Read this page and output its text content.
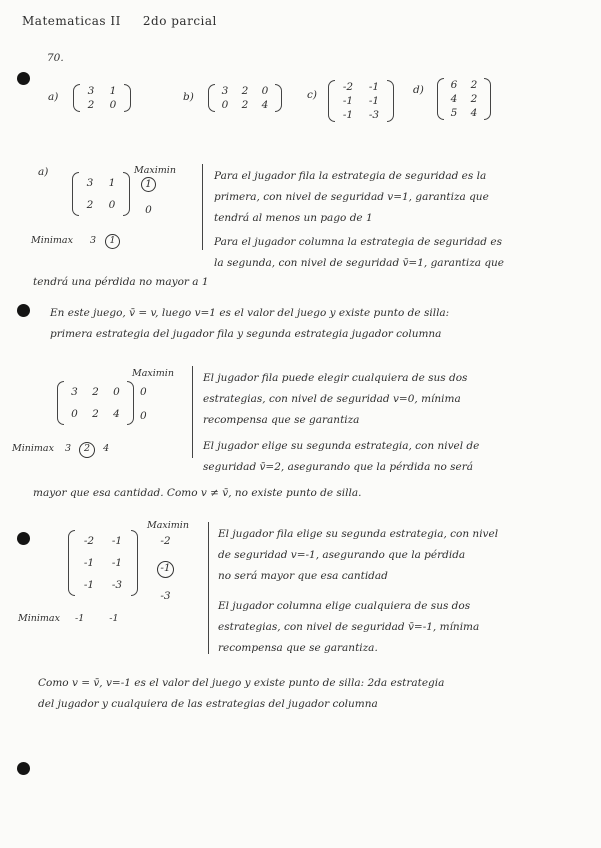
Matematicas II 2do parcial
70.
a)	3	1
2	0
b)	3	2	0
0	2	4
c)
-2	-1
-1	-1
-1	-3
d)	6	2
4	2
5	4
a)	Maximin
3	1
2	0
1
0
Minimax 3 1
Para el jugador fila la estrategia de seguridad es la
primera, con nivel de seguridad v=1, garantiza que
tendrá al menos un pago de 1
Para el jugador columna la estrategia de seguridad es
la segunda, con nivel de seguridad v̄=1, garantiza que
tendrá una pérdida no mayor a 1
En este juego, v̄ = v, luego v=1 es el valor del juego y existe punto de silla:
primera estrategia del jugador fila y segunda estrategia jugador columna
Maximin
3	2	0
0	2	4
0
0
Minimax 3 2 4
El jugador fila puede elegir cualquiera de sus dos
estrategias, con nivel de seguridad v=0, mínima
recompensa que se garantiza
El jugador elige su segunda estrategia, con nivel de
seguridad v̄=2, asegurando que la pérdida no será
mayor que esa cantidad. Como v ≠ v̄, no existe punto de silla.
Maximin
-2	-1
-1	-1
-1	-3
-2
-1
-3
Minimax -1	-1
El jugador fila elige su segunda estrategia, con nivel
de seguridad v=-1, asegurando que la pérdida
no será mayor que esa cantidad
El jugador columna elige cualquiera de sus dos
estrategias, con nivel de seguridad v̄=-1, mínima
recompensa que se garantiza.
Como v = v̄, v=-1 es el valor del juego y existe punto de silla: 2da estrategia
del jugador y cualquiera de las estrategias del jugador columna
